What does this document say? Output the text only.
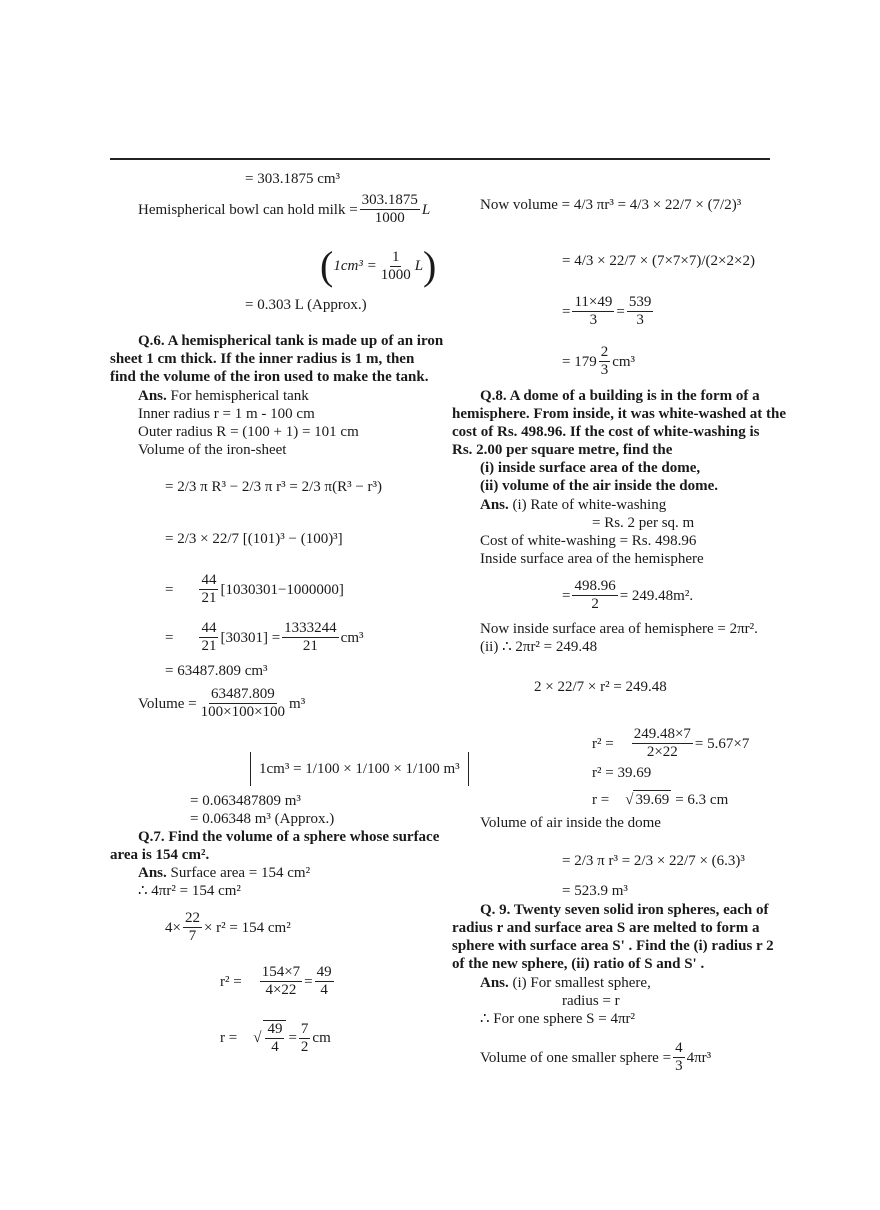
= 303.1875 cm³
Hemispherical bowl can hold milk = $\frac{303.1875}{1000}$ L
( $1cm^3 = \frac{1}{1000}$ L )
= 0.303 L (Approx.)
Q.6. A hemispherical tank is made up of an iron
sheet 1 cm thick. If the inner radius is 1 m, then
find the volume of the iron used to make the tank.
Ans. For hemispherical tank
Inner radius r = 1 m - 100 cm
Outer radius R = (100 + 1) = 101 cm
Volume of the iron-sheet
= 2/3 π R³ − 2/3 π r³ = 2/3 π(R³ − r³)
= 2/3 × 22/7 [(101)³ − (100)³]
= $\frac{44}{21} [1030301-1000000]$
= $\frac{44}{21} [30301] = \frac{1333244}{21} cm^3$
= 63487.809 cm³
Volume = $\frac{63487.809}{100\times 100\times 100} m^3$
1cm³ = 1/100 × 1/100 × 1/100 m³
= 0.063487809 m³
= 0.06348 m³ (Approx.)
Q.7. Find the volume of a sphere whose surface
area is 154 cm².
Ans. Surface area = 154 cm²
∴ 4πr² = 154 cm²
$4\times \frac{22}{7} \times r^2 = 154$ cm²
$r^2 = \frac{154\times 7}{4\times 22} = \frac{49}{4}$
r = √ $\frac{49}{4} = \frac{7}{2}$ cm
Now volume = 4/3 πr³ = 4/3 × 22/7 × (7/2)³
= 4/3 × 22/7 × (7×7×7)/(2×2×2)
= $\frac{11\times 49}{3} = \frac{539}{3}$
= $179 \frac{2}{3} cm^3$
Q.8. A dome of a building is in the form of a
hemisphere. From inside, it was white-washed at the
cost of Rs. 498.96. If the cost of white-washing is
Rs. 2.00 per square metre, find the
(i) inside surface area of the dome,
(ii) volume of the air inside the dome.
Ans. (i) Rate of white-washing
= Rs. 2 per sq. m
Cost of white-washing = Rs. 498.96
Inside surface area of the hemisphere
= $\frac{498.96}{2} = 249.48m^2$.
Now inside surface area of hemisphere = 2πr².
(ii) ∴ 2πr² = 249.48
2 × 22/7 × r² = 249.48
$r^2 = \frac{249.48\times 7}{2\times 22} = 5.67\times 7$
r² = 39.69
r = √ 39.69 = 6.3 cm
Volume of air inside the dome
= 2/3 π r³ = 2/3 × 22/7 × (6.3)³
= 523.9 m³
Q. 9. Twenty seven solid iron spheres, each of
radius r and surface area S are melted to form a
sphere with surface area S' . Find the (i) radius r 2
of the new sphere, (ii) ratio of S and S' .
Ans. (i) For smallest sphere,
radius = r
∴ For one sphere S = 4πr²
Volume of one smaller sphere = $\frac{4}{3} 4\pi r^3$
